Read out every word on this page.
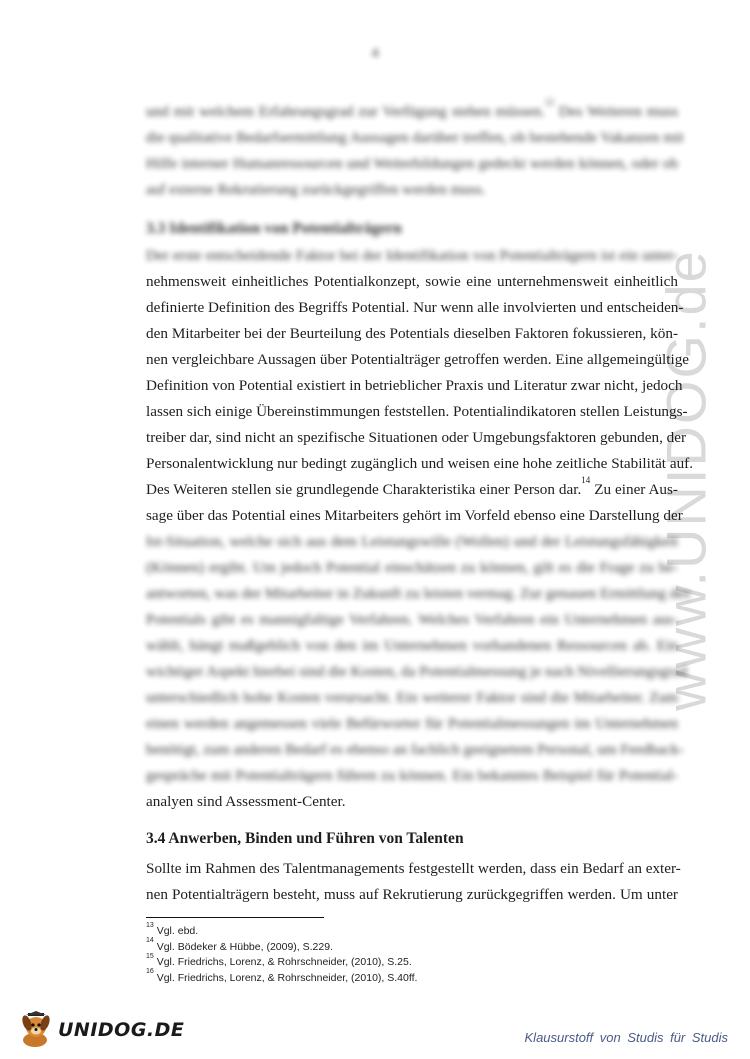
www.UNIDOG.de
4
und mit welchem Erfahrungsgrad zur Verfügung stehen müssen.$^{12}$ Des Weiteren muss
die qualitative Bedarfsermittlung Aussagen darüber treffen, ob bestehende Vakanzen mit
Hilfe interner Humanressourcen und Weiterbildungen gedeckt werden können, oder ob
auf externe Rekrutierung zurückgegriffen werden muss.
3.3 Identifikation von Potentialträgern
Der erste entscheidende Faktor bei der Identifikation von Potentialträgern ist ein unter-
nehmensweit einheitliches Potentialkonzept, sowie eine unternehmensweit einheitlich
definierte Definition des Begriffs Potential. Nur wenn alle involvierten und entscheiden-
den Mitarbeiter bei der Beurteilung des Potentials dieselben Faktoren fokussieren, kön-
nen vergleichbare Aussagen über Potentialträger getroffen werden. Eine allgemeingültige
Definition von Potential existiert in betrieblicher Praxis und Literatur zwar nicht, jedoch
lassen sich einige Übereinstimmungen feststellen. Potentialindikatoren stellen Leistungs-
treiber dar, sind nicht an spezifische Situationen oder Umgebungsfaktoren gebunden, der
Personalentwicklung nur bedingt zugänglich und weisen eine hohe zeitliche Stabilität auf.
Des Weiteren stellen sie grundlegende Charakteristika einer Person dar.$^{14}$ Zu einer Aus-
sage über das Potential eines Mitarbeiters gehört im Vorfeld ebenso eine Darstellung der
Ist-Situation, welche sich aus dem Leistungswille (Wollen) und der Leistungsfähigkeit
(Können) ergibt. Um jedoch Potential einschätzen zu können, gilt es die Frage zu be-
antworten, was der Mitarbeiter in Zukunft zu leisten vermag. Zur genauen Ermittlung des
Potentials gibt es mannigfaltige Verfahren. Welches Verfahren ein Unternehmen aus-
wählt, hängt maßgeblich von den im Unternehmen vorhandenen Ressourcen ab. Ein
wichtiger Aspekt hierbei sind die Kosten, da Potentialmessung je nach Nivellierungsgrad
unterschiedlich hohe Kosten verursacht. Ein weiterer Faktor sind die Mitarbeiter. Zum
einen werden angemessen viele Befürworter für Potentialmessungen im Unternehmen
benötigt, zum anderen Bedarf es ebenso an fachlich geeignetem Personal, um Feedback-
gespräche mit Potentialträgern führen zu können. Ein bekanntes Beispiel für Potential-
analyen sind Assessment-Center.
3.4 Anwerben, Binden und Führen von Talenten
Sollte im Rahmen des Talentmanagements festgestellt werden, dass ein Bedarf an exter-
nen Potentialträgern besteht, muss auf Rekrutierung zurückgegriffen werden. Um unter
$^{13}$ Vgl. ebd.
$^{14}$ Vgl. Bödeker & Hübbe, (2009), S.229.
$^{15}$ Vgl. Friedrichs, Lorenz, & Rohrschneider, (2010), S.25.
$^{16}$ Vgl. Friedrichs, Lorenz, & Rohrschneider, (2010), S.40ff.
UNIDOG.DE	Klausurstoff von Studis für Studis
